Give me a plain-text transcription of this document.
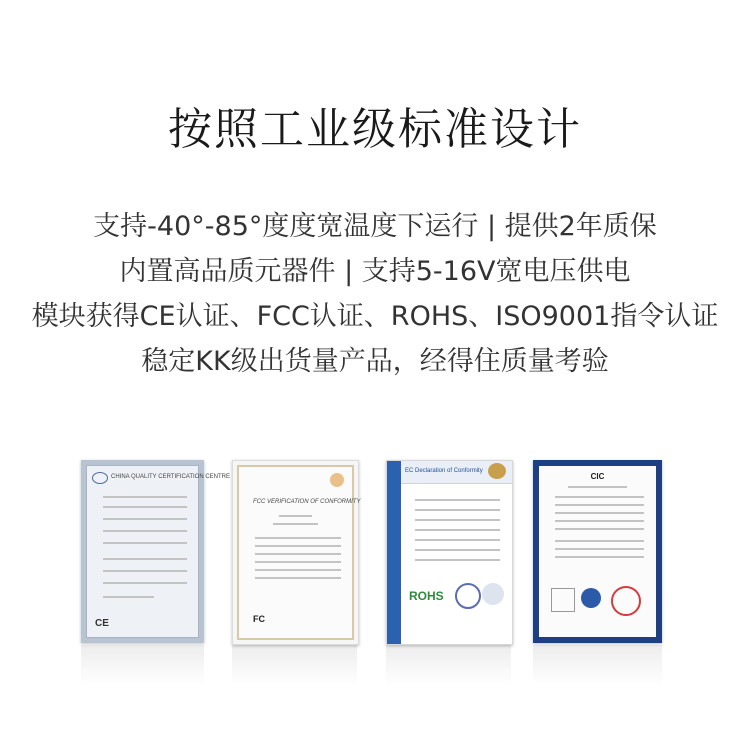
按照工业级标准设计
支持-40°-85°度度宽温度下运行 | 提供2年质保
内置高品质元器件 | 支持5-16V宽电压供电
模块获得CE认证、FCC认证、ROHS、ISO9001指令认证
稳定KK级出货量产品，经得住质量考验
CHINA QUALITY CERTIFICATION CENTRE
CE
FCC VERIFICATION OF CONFORMITY
FC
EC Declaration of Conformity
ROHS
CIC
